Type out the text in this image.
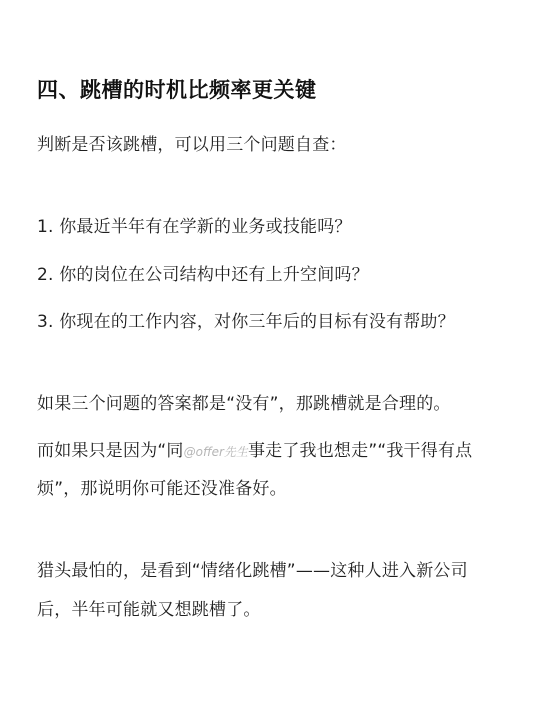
四、跳槽的时机比频率更关键
判断是否该跳槽，可以用三个问题自查：
1. 你最近半年有在学新的业务或技能吗？
2. 你的岗位在公司结构中还有上升空间吗？
3. 你现在的工作内容，对你三年后的目标有没有帮助？
如果三个问题的答案都是“没有”，那跳槽就是合理的。
而如果只是因为“同@offer先生事走了我也想走”“我干得有点
烦”，那说明你可能还没准备好。
猎头最怕的，是看到“情绪化跳槽”——这种人进入新公司
后，半年可能就又想跳槽了。
